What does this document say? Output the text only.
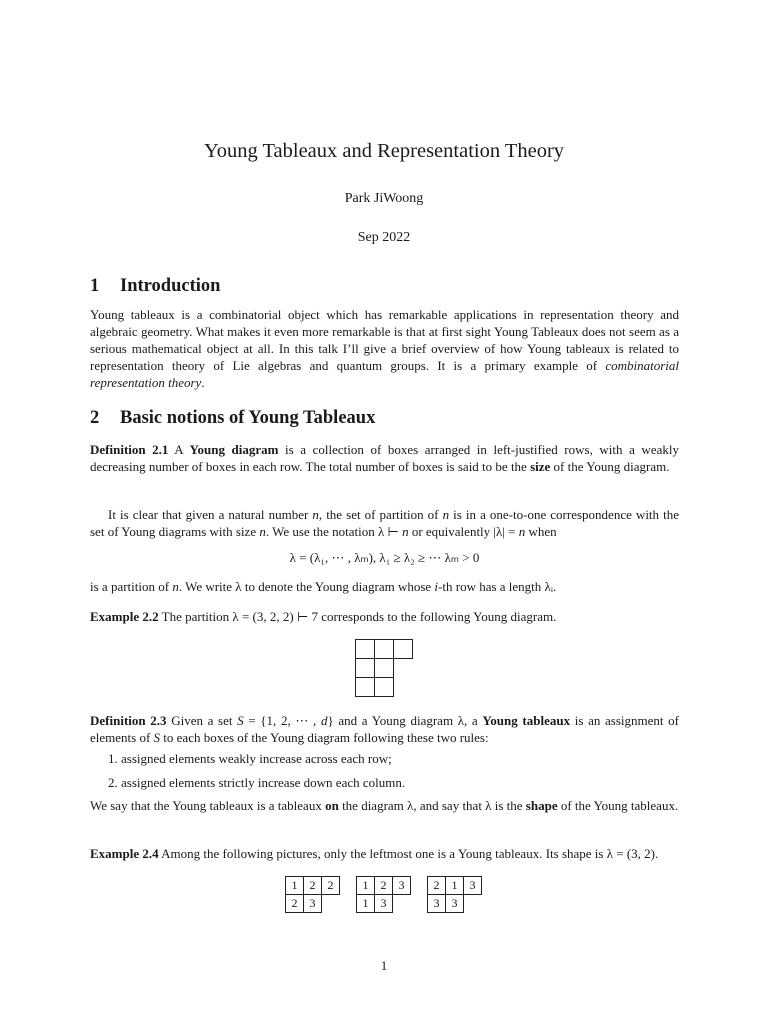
Young Tableaux and Representation Theory
Park JiWoong
Sep 2022
1 Introduction

Young tableaux is a combinatorial object which has remarkable applications in representation theory and algebraic geometry. What makes it even more remarkable is that at first sight Young Tableaux does not seem as a serious mathematical object at all. In this talk I’ll give a brief overview of how Young tableaux is related to representation theory of Lie algebras and quantum groups. It is a primary example of combinatorial representation theory.

2 Basic notions of Young Tableaux

Definition 2.1 A Young diagram is a collection of boxes arranged in left-justified rows, with a weakly decreasing number of boxes in each row. The total number of boxes is said to be the size of the Young diagram.

It is clear that given a natural number n, the set of partition of n is in a one-to-one correspondence with the set of Young diagrams with size n. We use the notation λ ⊢ n or equivalently |λ| = n when

λ = (λ₁, ⋯ , λₘ), λ₁ ≥ λ₂ ≥ ⋯ λₘ > 0

is a partition of n. We write λ to denote the Young diagram whose i-th row has a length λᵢ.

Example 2.2 The partition λ = (3, 2, 2) ⊢ 7 corresponds to the following Young diagram.

Definition 2.3 Given a set S = {1, 2, ⋯ , d} and a Young diagram λ, a Young tableaux is an assignment of elements of S to each boxes of the Young diagram following these two rules:

1. assigned elements weakly increase across each row;
2. assigned elements strictly increase down each column.

We say that the Young tableaux is a tableaux on the diagram λ, and say that λ is the shape of the Young tableaux.

Example 2.4 Among the following pictures, only the leftmost one is a Young tableaux. Its shape is λ = (3, 2).

1	2	2
2	3
1	2	3
1	3
2	1	3
3	3
1
